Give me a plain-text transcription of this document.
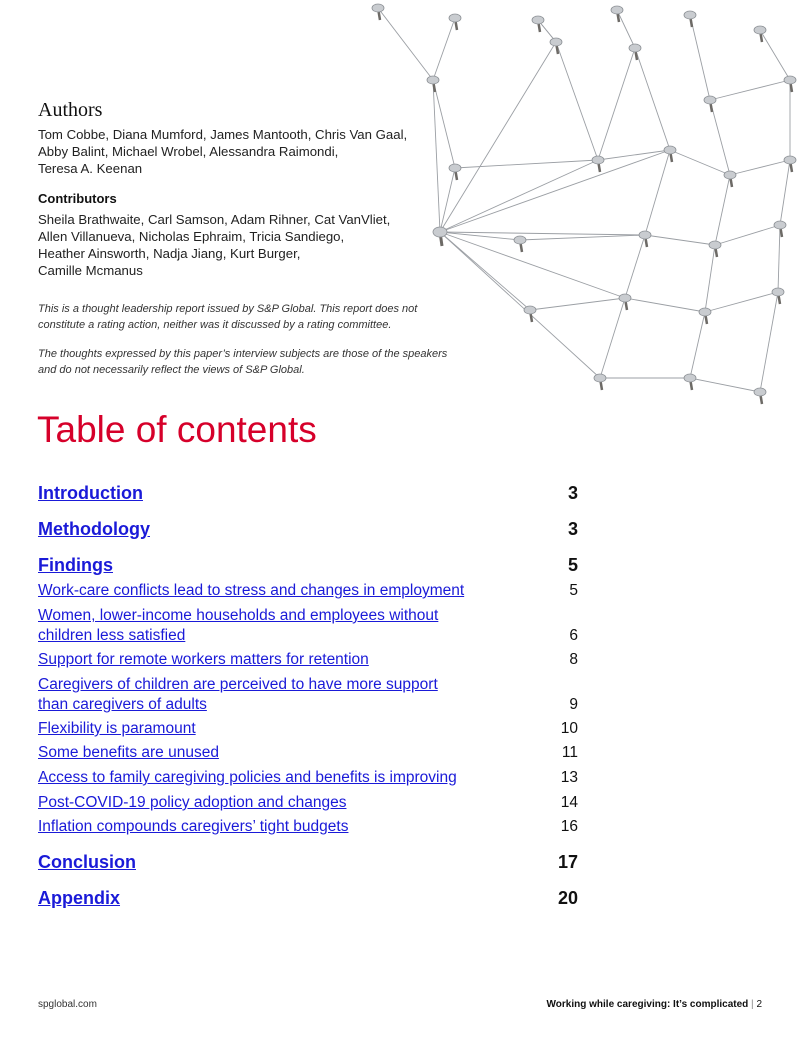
Authors
Tom Cobbe, Diana Mumford, James Mantooth, Chris Van Gaal,
Abby Balint, Michael Wrobel, Alessandra Raimondi,
Teresa A. Keenan
Contributors
Sheila Brathwaite, Carl Samson, Adam Rihner, Cat VanVliet,
Allen Villanueva, Nicholas Ephraim, Tricia Sandiego,
Heather Ainsworth, Nadja Jiang, Kurt Burger,
Camille Mcmanus
This is a thought leadership report issued by S&P Global. This report does not
constitute a rating action, neither was it discussed by a rating committee.
The thoughts expressed by this paper’s interview subjects are those of the speakers
and do not necessarily reflect the views of S&P Global.
Table of contents
Introduction	3
Methodology	3
Findings	5
Work-care conflicts lead to stress and changes in employment	5
Women, lower-income households and employees without
children less satisfied	6
Support for remote workers matters for retention	8
Caregivers of children are perceived to have more support
than caregivers of adults	9
Flexibility is paramount	10
Some benefits are unused	11
Access to family caregiving policies and benefits is improving	13
Post-COVID-19 policy adoption and changes	14
Inflation compounds caregivers’ tight budgets	16
Conclusion	17
Appendix	20
spglobal.com	Working while caregiving: It’s complicated | 2
